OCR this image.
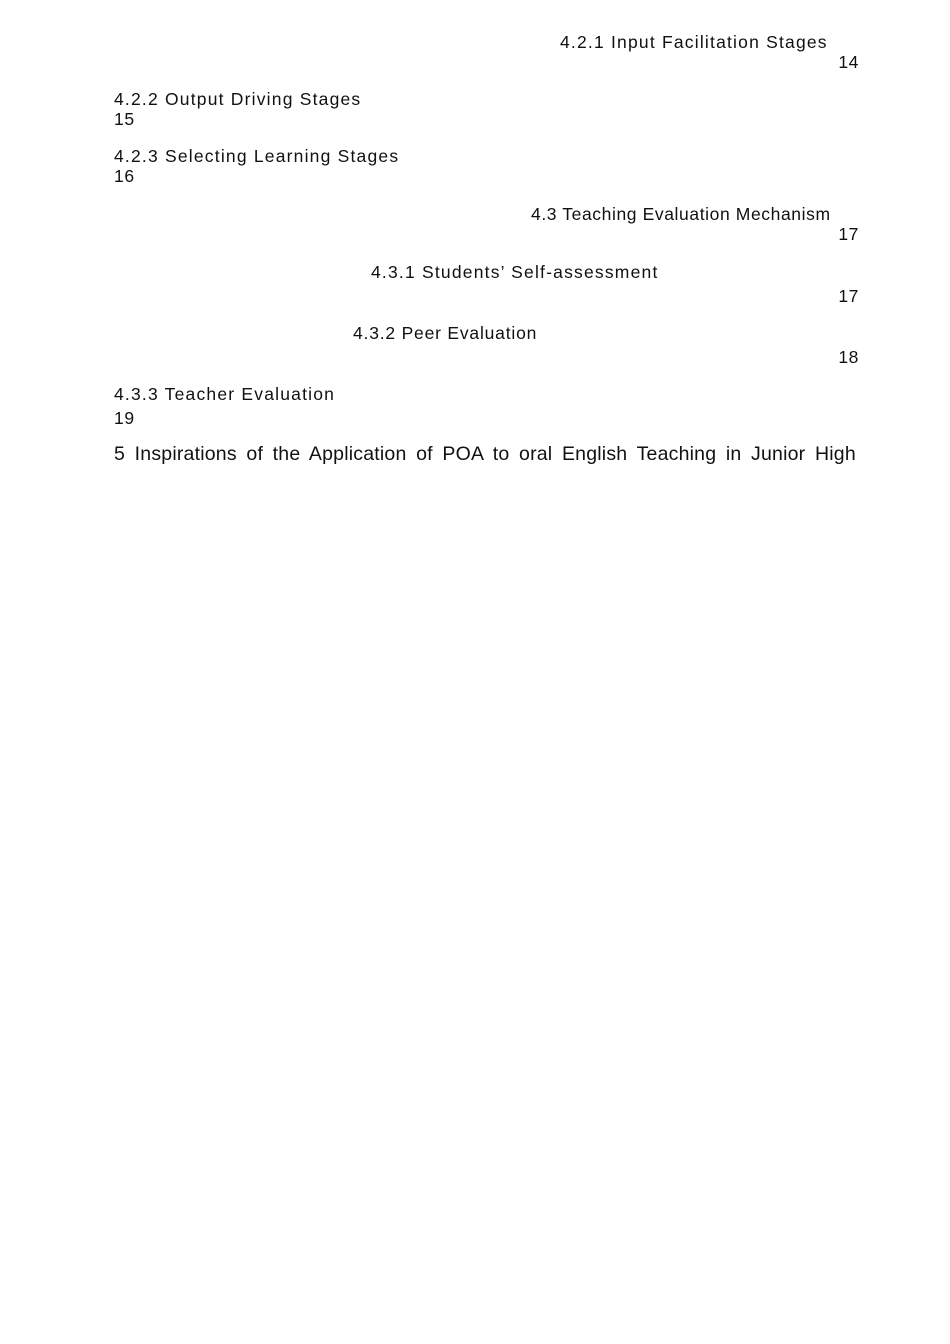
4.2.1 Input Facilitation Stages
14
4.2.2 Output Driving Stages
15
4.2.3 Selecting Learning Stages
16
4.3 Teaching Evaluation Mechanism
17
4.3.1 Students’ Self-assessment
17
4.3.2 Peer Evaluation
18
4.3.3 Teacher Evaluation
19
5 Inspirations of the Application of POA to oral English Teaching in Junior High
